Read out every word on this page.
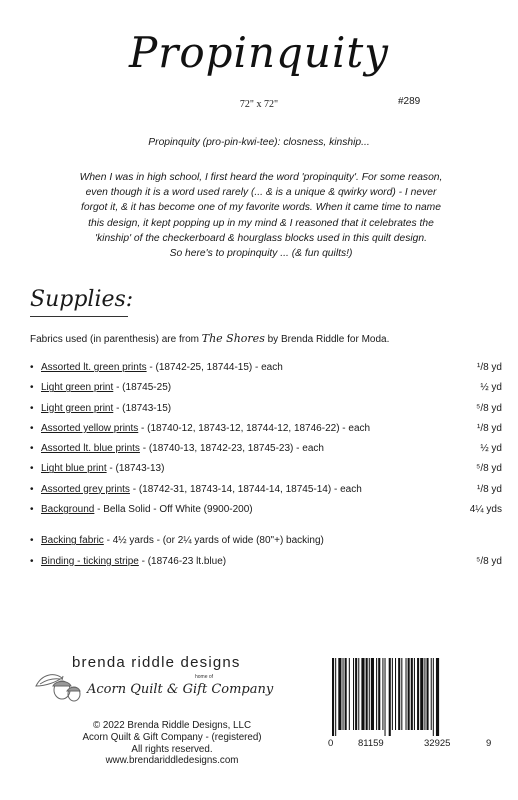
Propinquity
72" x 72"	#289
Propinquity (pro-pin-kwi-tee): closness, kinship...
When I was in high school, I first heard the word 'propinquity'. For some reason,
even though it is a word used rarely (... & is a unique & qwirky word) - I never
forgot it, & it has become one of my favorite words. When it came time to name
this design, it kept popping up in my mind & I reasoned that it celebrates the
'kinship' of the checkerboard & hourglass blocks used in this quilt design.
So here's to propinquity ... (& fun quilts!)
Supplies:
Fabrics used (in parenthesis) are from The Shores by Brenda Riddle for Moda.
• Assorted lt. green prints - (18742-25, 18744-15) - each	¹/8 yd
• Light green print - (18745-25)	½ yd
• Light green print - (18743-15)	⁵/8 yd
• Assorted yellow prints - (18740-12, 18743-12, 18744-12, 18746-22) - each	¹/8 yd
• Assorted lt. blue prints - (18740-13, 18742-23, 18745-23) - each	½ yd
• Light blue print - (18743-13)	⁵/8 yd
• Assorted grey prints - (18742-31, 18743-14, 18744-14, 18745-14) - each	¹/8 yd
• Background - Bella Solid - Off White (9900-200)	4¼ yds
• Backing fabric - 4½ yards - (or 2¼ yards of wide (80"+) backing)
• Binding - ticking stripe - (18746-23 lt.blue)	⁵/8 yd
brenda riddle designs
home of
Acorn Quilt & Gift Company
© 2022 Brenda Riddle Designs, LLC
Acorn Quilt & Gift Company - (registered)
All rights reserved.
www.brendariddledesigns.com
0	81159	32925	9
